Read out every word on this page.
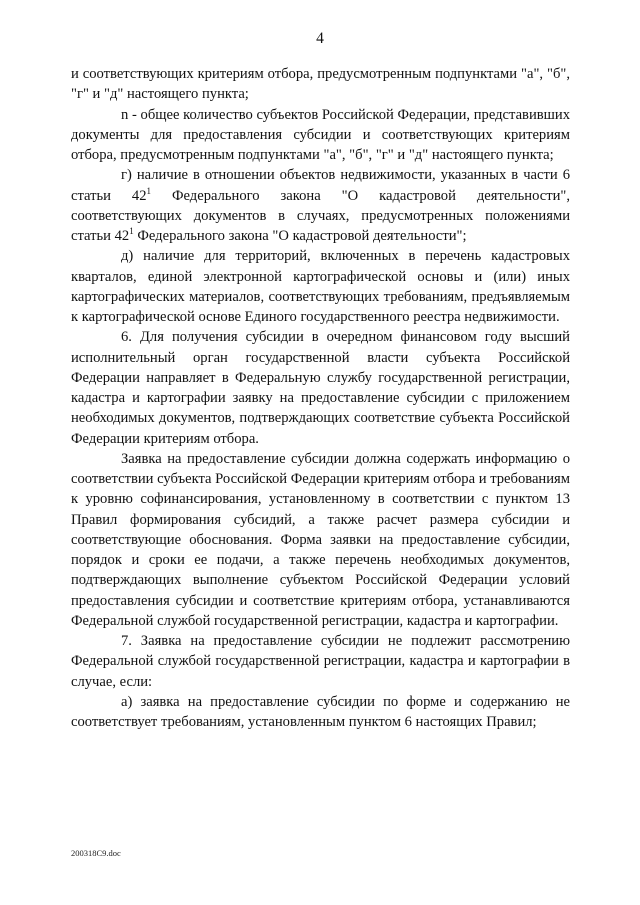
4

и соответствующих критериям отбора, предусмотренным подпунктами "а", "б", "г" и "д" настоящего пункта;

n - общее количество субъектов Российской Федерации, представивших документы для предоставления субсидии и соответствующих критериям отбора, предусмотренным подпунктами "а", "б", "г" и "д" настоящего пункта;

г) наличие в отношении объектов недвижимости, указанных в части 6 статьи $42^1$ Федерального закона "О кадастровой деятельности", соответствующих документов в случаях, предусмотренных положениями статьи $42^1$ Федерального закона "О кадастровой деятельности";

д) наличие для территорий, включенных в перечень кадастровых кварталов, единой электронной картографической основы и (или) иных картографических материалов, соответствующих требованиям, предъявляемым к картографической основе Единого государственного реестра недвижимости.

6. Для получения субсидии в очередном финансовом году высший исполнительный орган государственной власти субъекта Российской Федерации направляет в Федеральную службу государственной регистрации, кадастра и картографии заявку на предоставление субсидии с приложением необходимых документов, подтверждающих соответствие субъекта Российской Федерации критериям отбора.

Заявка на предоставление субсидии должна содержать информацию о соответствии субъекта Российской Федерации критериям отбора и требованиям к уровню софинансирования, установленному в соответствии с пунктом 13 Правил формирования субсидий, а также расчет размера субсидии и соответствующие обоснования. Форма заявки на предоставление субсидии, порядок и сроки ее подачи, а также перечень необходимых документов, подтверждающих выполнение субъектом Российской Федерации условий предоставления субсидии и соответствие критериям отбора, устанавливаются Федеральной службой государственной регистрации, кадастра и картографии.

7. Заявка на предоставление субсидии не подлежит рассмотрению Федеральной службой государственной регистрации, кадастра и картографии в случае, если:

а) заявка на предоставление субсидии по форме и содержанию не соответствует требованиям, установленным пунктом 6 настоящих Правил;

200318C9.doc
